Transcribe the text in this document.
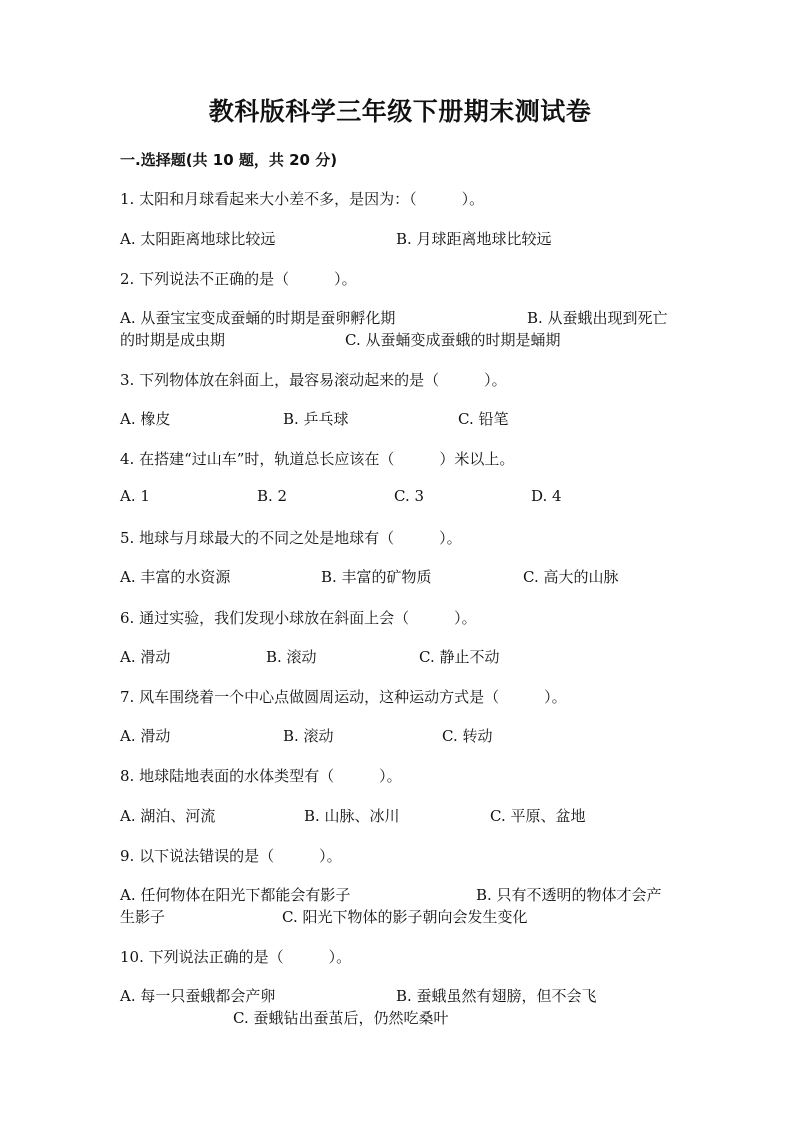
教科版科学三年级下册期末测试卷
一.选择题(共 10 题，共 20 分)
1. 太阳和月球看起来大小差不多，是因为：（　　　）。
A. 太阳距离地球比较远	B. 月球距离地球比较远
2. 下列说法不正确的是（　　　）。
A. 从蚕宝宝变成蚕蛹的时期是蚕卵孵化期	B. 从蚕蛾出现到死亡
的时期是成虫期	C. 从蚕蛹变成蚕蛾的时期是蛹期
3. 下列物体放在斜面上，最容易滚动起来的是（　　　）。
A. 橡皮	B. 乒乓球	C. 铅笔
4. 在搭建“过山车”时，轨道总长应该在（　　　）米以上。
A. 1	B. 2	C. 3	D. 4
5. 地球与月球最大的不同之处是地球有（　　　）。
A. 丰富的水资源	B. 丰富的矿物质	C. 高大的山脉
6. 通过实验，我们发现小球放在斜面上会（　　　）。
A. 滑动	B. 滚动	C. 静止不动
7. 风车围绕着一个中心点做圆周运动，这种运动方式是（　　　）。
A. 滑动	B. 滚动	C. 转动
8. 地球陆地表面的水体类型有（　　　）。
A. 湖泊、河流	B. 山脉、冰川	C. 平原、盆地
9. 以下说法错误的是（　　　）。
A. 任何物体在阳光下都能会有影子	B. 只有不透明的物体才会产
生影子	C. 阳光下物体的影子朝向会发生变化
10. 下列说法正确的是（　　　）。
A. 每一只蚕蛾都会产卵	B. 蚕蛾虽然有翅膀，但不会飞
C. 蚕蛾钻出蚕茧后，仍然吃桑叶
